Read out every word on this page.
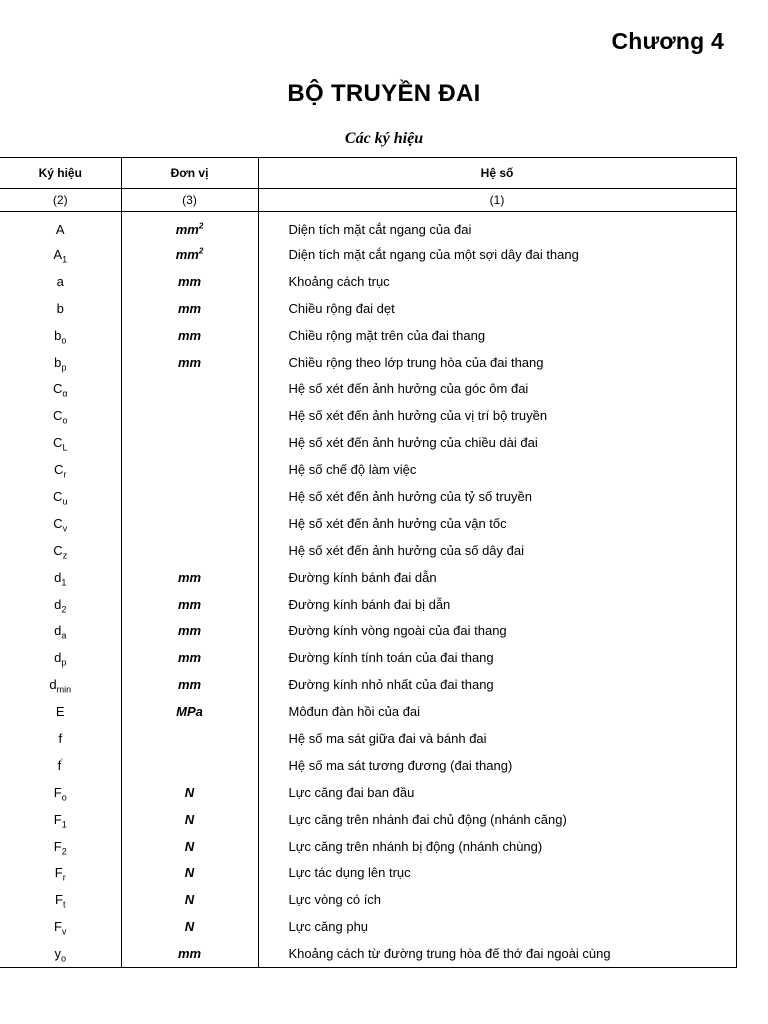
Chương 4
BỘ TRUYỀN ĐAI
Các ký hiệu
Ký hiệu	Đơn vị	Hệ số
(2)	(3)	(1)
A	$mm^2$	Diện tích mặt cắt ngang của đai
$A_1$	$mm^2$	Diện tích mặt cắt ngang của một sợi dây đai thang
a	mm	Khoảng cách trục
b	mm	Chiều rộng đai dẹt
$b_o$	mm	Chiều rộng mặt trên của đai thang
$b_p$	mm	Chiều rộng theo lớp trung hòa của đai thang
$C_\alpha$		Hệ số xét đến ảnh hưởng của góc ôm đai
$C_o$		Hệ số xét đến ảnh hưởng của vị trí bộ truyền
$C_L$		Hệ số xét đến ảnh hưởng của chiều dài đai
$C_r$		Hệ số chế độ làm việc
$C_u$		Hệ số xét đến ảnh hưởng của tỷ số truyền
$C_v$		Hệ số xét đến ảnh hưởng của vận tốc
$C_z$		Hệ số xét đến ảnh hưởng của số dây đai
$d_1$	mm	Đường kính bánh đai dẫn
$d_2$	mm	Đường kính bánh đai bị dẫn
$d_a$	mm	Đường kính vòng ngoài của đai thang
$d_p$	mm	Đường kính tính toán của đai thang
$d_{min}$	mm	Đường kính nhỏ nhất của đai thang
E	MPa	Môđun đàn hồi của đai
f		Hệ số ma sát giữa đai và bánh đai
f'		Hệ số ma sát tương đương (đai thang)
$F_o$	N	Lực căng đai ban đầu
$F_1$	N	Lực căng trên nhánh đai chủ động (nhánh căng)
$F_2$	N	Lực căng trên nhánh bị động (nhánh chùng)
$F_r$	N	Lực tác dụng lên trục
$F_t$	N	Lực vòng có ích
$F_v$	N	Lực căng phụ
$y_o$	mm	Khoảng cách từ đường trung hòa đế thớ đai ngoài cùng
